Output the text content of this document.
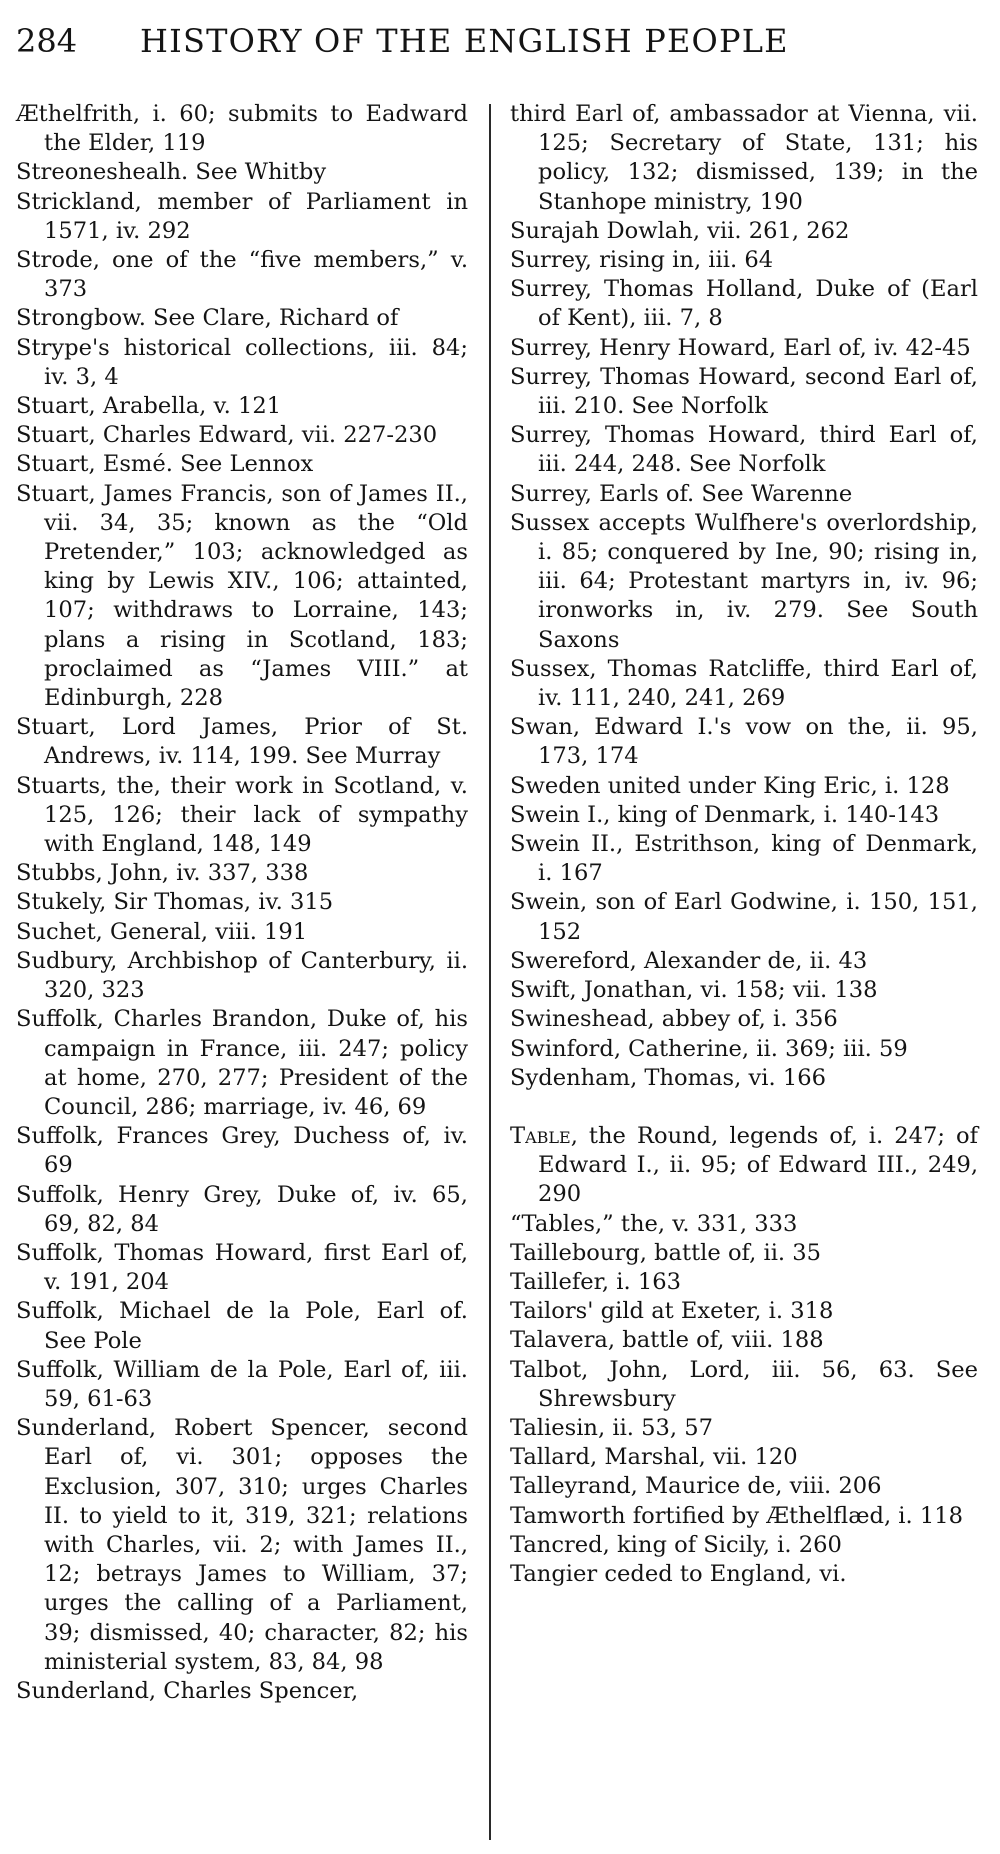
284 HISTORY OF THE ENGLISH PEOPLE

Æthelfrith, i. 60; submits to Eadward the Elder, 119

Streoneshealh. See Whitby

Strickland, member of Parliament in 1571, iv. 292

Strode, one of the “five members,” v. 373

Strongbow. See Clare, Richard of

Strype's historical collections, iii. 84; iv. 3, 4

Stuart, Arabella, v. 121

Stuart, Charles Edward, vii. 227-230

Stuart, Esmé. See Lennox

Stuart, James Francis, son of James II., vii. 34, 35; known as the “Old Pretender,” 103; acknowledged as king by Lewis XIV., 106; attainted, 107; withdraws to Lorraine, 143; plans a rising in Scotland, 183; proclaimed as “James VIII.” at Edinburgh, 228

Stuart, Lord James, Prior of St. Andrews, iv. 114, 199. See Murray

Stuarts, the, their work in Scotland, v. 125, 126; their lack of sympathy with England, 148, 149

Stubbs, John, iv. 337, 338

Stukely, Sir Thomas, iv. 315

Suchet, General, viii. 191

Sudbury, Archbishop of Canterbury, ii. 320, 323

Suffolk, Charles Brandon, Duke of, his campaign in France, iii. 247; policy at home, 270, 277; President of the Council, 286; marriage, iv. 46, 69

Suffolk, Frances Grey, Duchess of, iv. 69

Suffolk, Henry Grey, Duke of, iv. 65, 69, 82, 84

Suffolk, Thomas Howard, first Earl of, v. 191, 204

Suffolk, Michael de la Pole, Earl of. See Pole

Suffolk, William de la Pole, Earl of, iii. 59, 61-63

Sunderland, Robert Spencer, second Earl of, vi. 301; opposes the Exclusion, 307, 310; urges Charles II. to yield to it, 319, 321; relations with Charles, vii. 2; with James II., 12; betrays James to William, 37; urges the calling of a Parliament, 39; dismissed, 40; character, 82; his ministerial system, 83, 84, 98

Sunderland, Charles Spencer,

third Earl of, ambassador at Vienna, vii. 125; Secretary of State, 131; his policy, 132; dismissed, 139; in the Stanhope ministry, 190

Surajah Dowlah, vii. 261, 262

Surrey, rising in, iii. 64

Surrey, Thomas Holland, Duke of (Earl of Kent), iii. 7, 8

Surrey, Henry Howard, Earl of, iv. 42-45

Surrey, Thomas Howard, second Earl of, iii. 210. See Norfolk

Surrey, Thomas Howard, third Earl of, iii. 244, 248. See Norfolk

Surrey, Earls of. See Warenne

Sussex accepts Wulfhere's overlordship, i. 85; conquered by Ine, 90; rising in, iii. 64; Protestant martyrs in, iv. 96; ironworks in, iv. 279. See South Saxons

Sussex, Thomas Ratcliffe, third Earl of, iv. 111, 240, 241, 269

Swan, Edward I.'s vow on the, ii. 95, 173, 174

Sweden united under King Eric, i. 128

Swein I., king of Denmark, i. 140-143

Swein II., Estrithson, king of Denmark, i. 167

Swein, son of Earl Godwine, i. 150, 151, 152

Swereford, Alexander de, ii. 43

Swift, Jonathan, vi. 158; vii. 138

Swineshead, abbey of, i. 356

Swinford, Catherine, ii. 369; iii. 59

Sydenham, Thomas, vi. 166

Table, the Round, legends of, i. 247; of Edward I., ii. 95; of Edward III., 249, 290

“Tables,” the, v. 331, 333

Taillebourg, battle of, ii. 35

Taillefer, i. 163

Tailors' gild at Exeter, i. 318

Talavera, battle of, viii. 188

Talbot, John, Lord, iii. 56, 63. See Shrewsbury

Taliesin, ii. 53, 57

Tallard, Marshal, vii. 120

Talleyrand, Maurice de, viii. 206

Tamworth fortified by Æthelflæd, i. 118

Tancred, king of Sicily, i. 260

Tangier ceded to England, vi.
